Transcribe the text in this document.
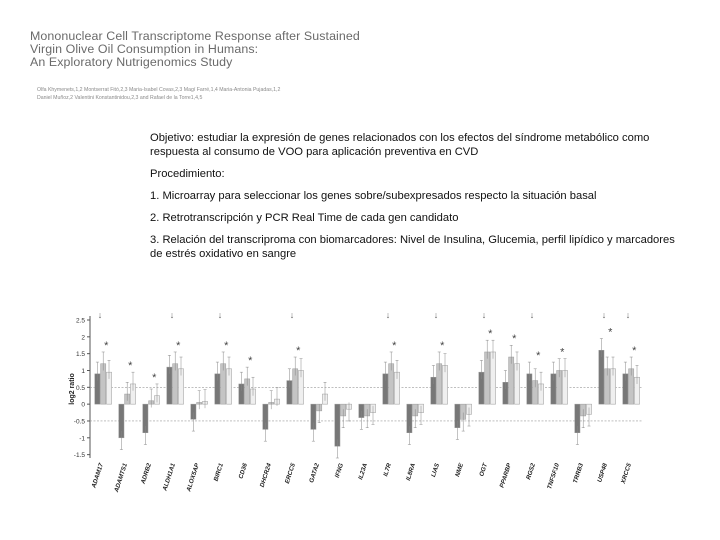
Mononuclear Cell Transcriptome Response after Sustained
Virgin Olive Oil Consumption in Humans:
An Exploratory Nutrigenomics Study
Olfa Khymenets,1,2 Montserrat Fitó,2,3 Maria-Isabel Covas,2,3 Magí Farré,1,4 Maria-Antonia Pujadas,1,2
Daniel Muñoz,2 Valentini Konstantinidou,2,3 and Rafael de la Torre1,4,5

Objetivo: estudiar la expresión de genes relacionados con los efectos del síndrome metabólico como respuesta al consumo de VOO para aplicación preventiva en CVD

Procedimiento:

1. Microarray para seleccionar los genes sobre/subexpresados respecto la situación basal

2. Retrotranscripción y PCR Real Time de cada gen candidato

3. Relación del transcriproma con biomarcadores: Nivel de Insulina, Glucemia, perfil lipídico y marcadores de estrés oxidativo en sangre

2.5
2
1.5
1
0.5
0
-0.5
-1
-1.5
log2 ratio
*
↓
ADAM17
*
ADAMTS1
*
ADRB2
*
↓
ALDH1A1 ALOX5AP
*
↓
BIRC1
*
CD36 DHCR24
*
↓
ERCC5 GATA2 IFNG IL23A
*
↓
IL7R IL8RA
*
↓
LIAS NME
*
↓
OGT
*
PPARBP
*
↓
RGS2
*
TNFSF10 TRRB3
*
↓
USP48
*
↓
XRCC5
